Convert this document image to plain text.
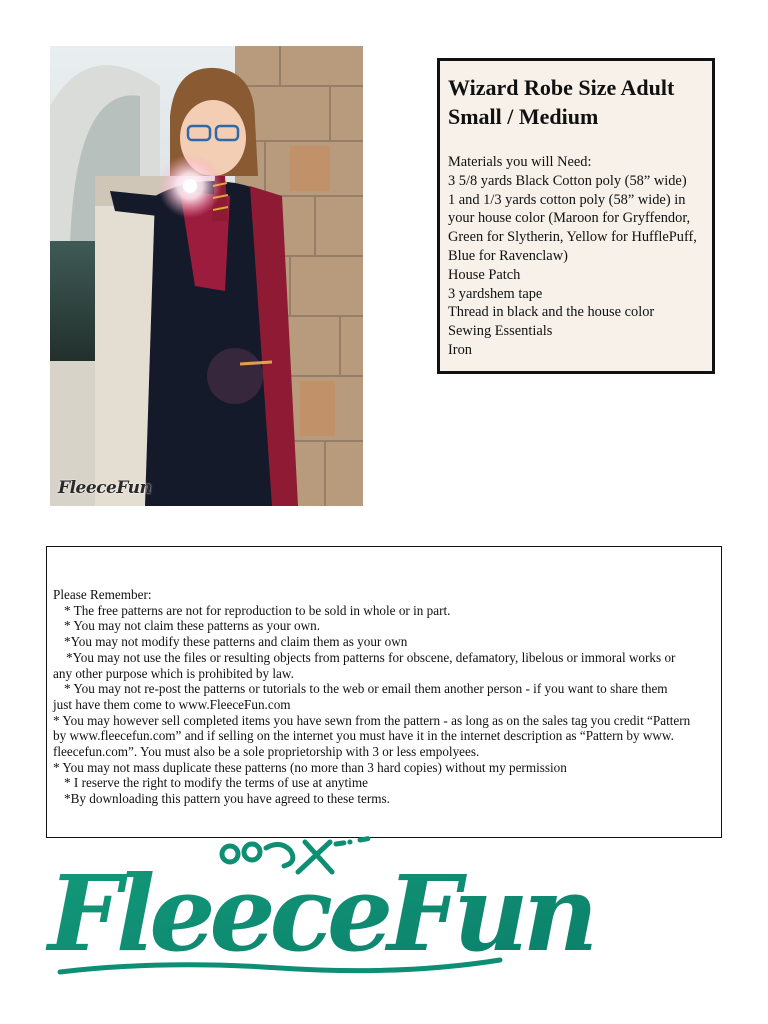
FleeceFun
Wizard Robe Size Adult
Small / Medium
Materials you will Need:
3 5/8 yards Black Cotton poly (58” wide)
1 and 1/3 yards cotton poly (58” wide) in
your house color (Maroon for Gryffendor,
Green for Slytherin, Yellow for HufflePuff,
Blue for Ravenclaw)
House Patch
3 yardshem tape
Thread in black and the house color
Sewing Essentials
Iron
Please Remember:
* The free patterns are not for reproduction to be sold in whole or in part.
* You may not claim these patterns as your own.
*You may not modify these patterns and claim them as your own
*You may not use the files or resulting objects from patterns for obscene, defamatory, libelous or immoral works or
any other purpose which is prohibited by law.
* You may not re-post the patterns or tutorials to the web or email them another person - if you want to share them
just have them come to www.FleeceFun.com
* You may however sell completed items you have sewn from the pattern - as long as on the sales tag you credit “Pattern
by www.fleecefun.com” and if selling on the internet you must have it in the internet description as “Pattern by www.
fleecefun.com”. You must also be a sole proprietorship with 3 or less empolyees.
* You may not mass duplicate these patterns (no more than 3 hard copies) without my permission
* I reserve the right to modify the terms of use at anytime
*By downloading this pattern you have agreed to these terms.
FleeceFun
